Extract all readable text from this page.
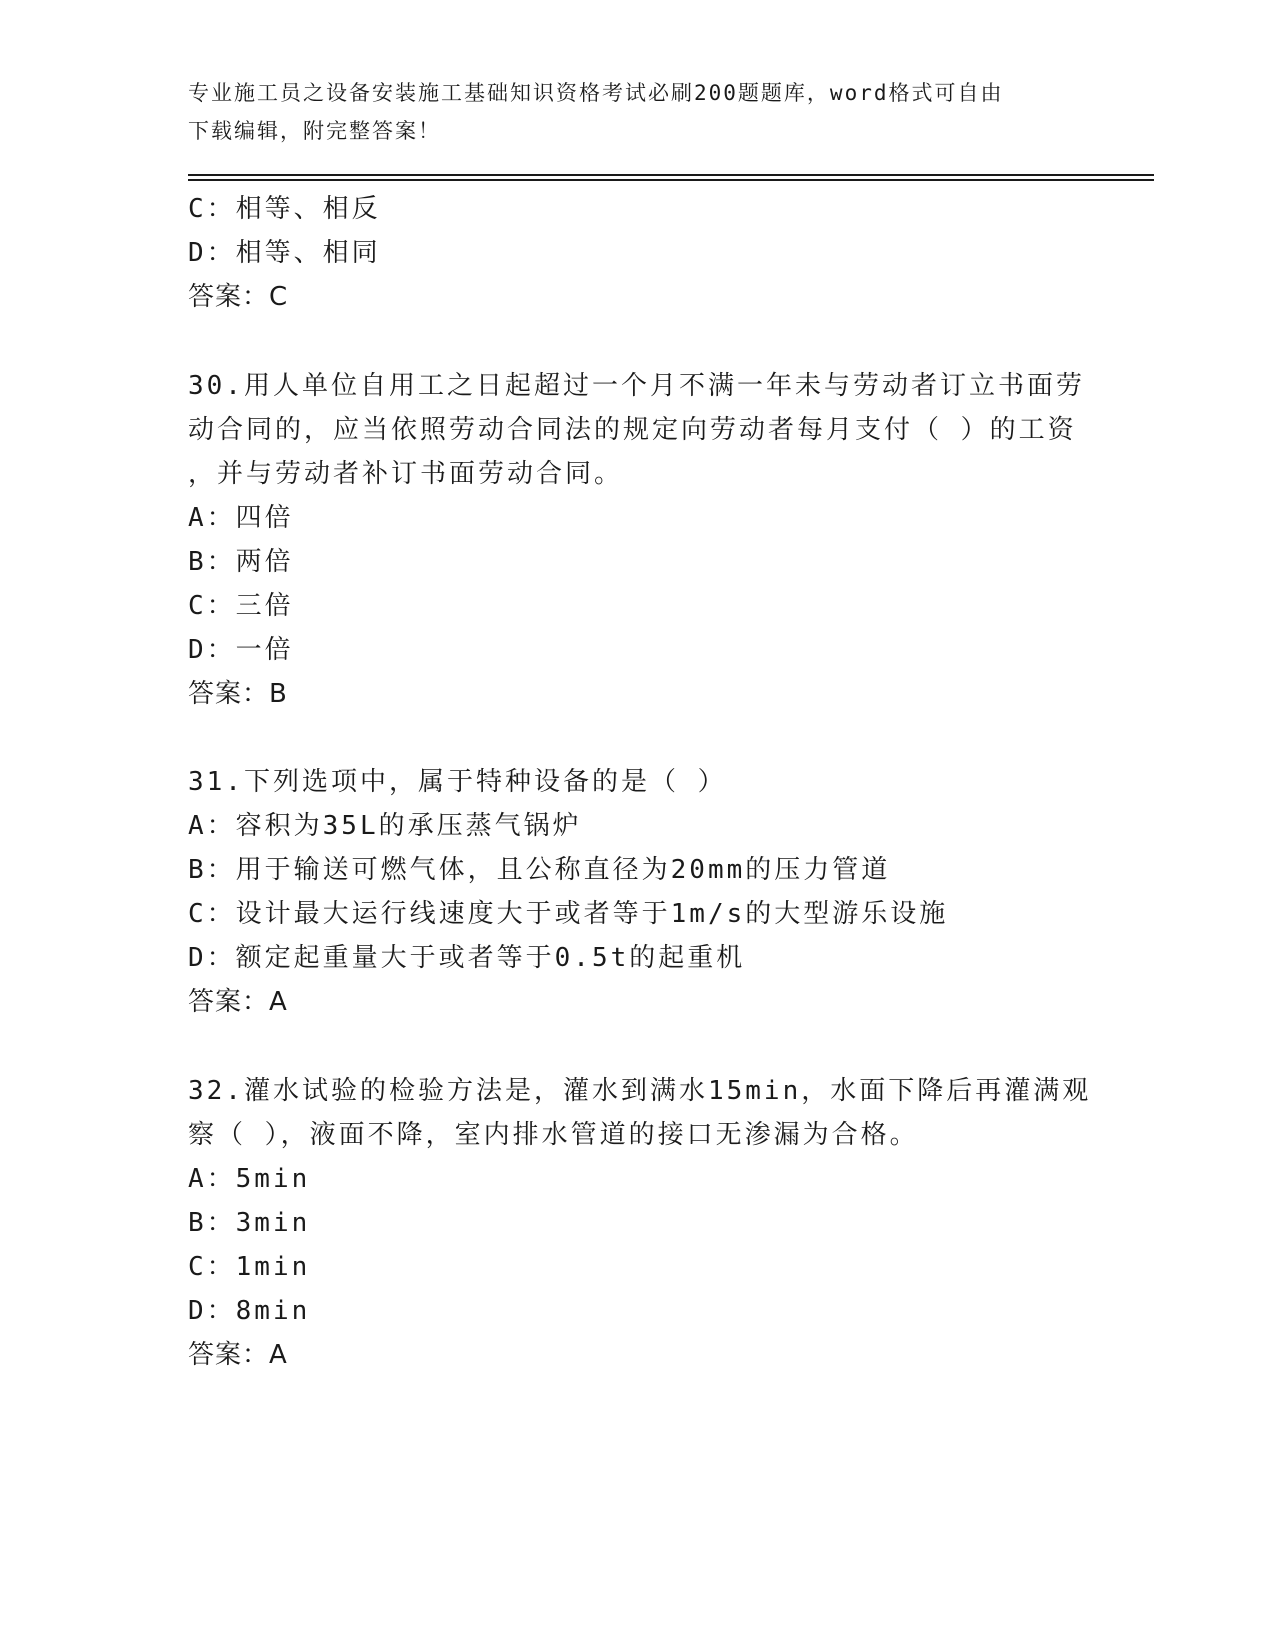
专业施工员之设备安装施工基础知识资格考试必刷200题题库，word格式可自由
下载编辑，附完整答案！
C：相等、相反
D：相等、相同
答案：C
30.用人单位自用工之日起超过一个月不满一年未与劳动者订立书面劳
动合同的，应当依照劳动合同法的规定向劳动者每月支付（ ）的工资
，并与劳动者补订书面劳动合同。
A：四倍
B：两倍
C：三倍
D：一倍
答案：B
31.下列选项中，属于特种设备的是（ ）
A：容积为35L的承压蒸气锅炉
B：用于输送可燃气体，且公称直径为20mm的压力管道
C：设计最大运行线速度大于或者等于1m/s的大型游乐设施
D：额定起重量大于或者等于0.5t的起重机
答案：A
32.灌水试验的检验方法是，灌水到满水15min，水面下降后再灌满观
察（ ），液面不降，室内排水管道的接口无渗漏为合格。
A：5min
B：3min
C：1min
D：8min
答案：A
